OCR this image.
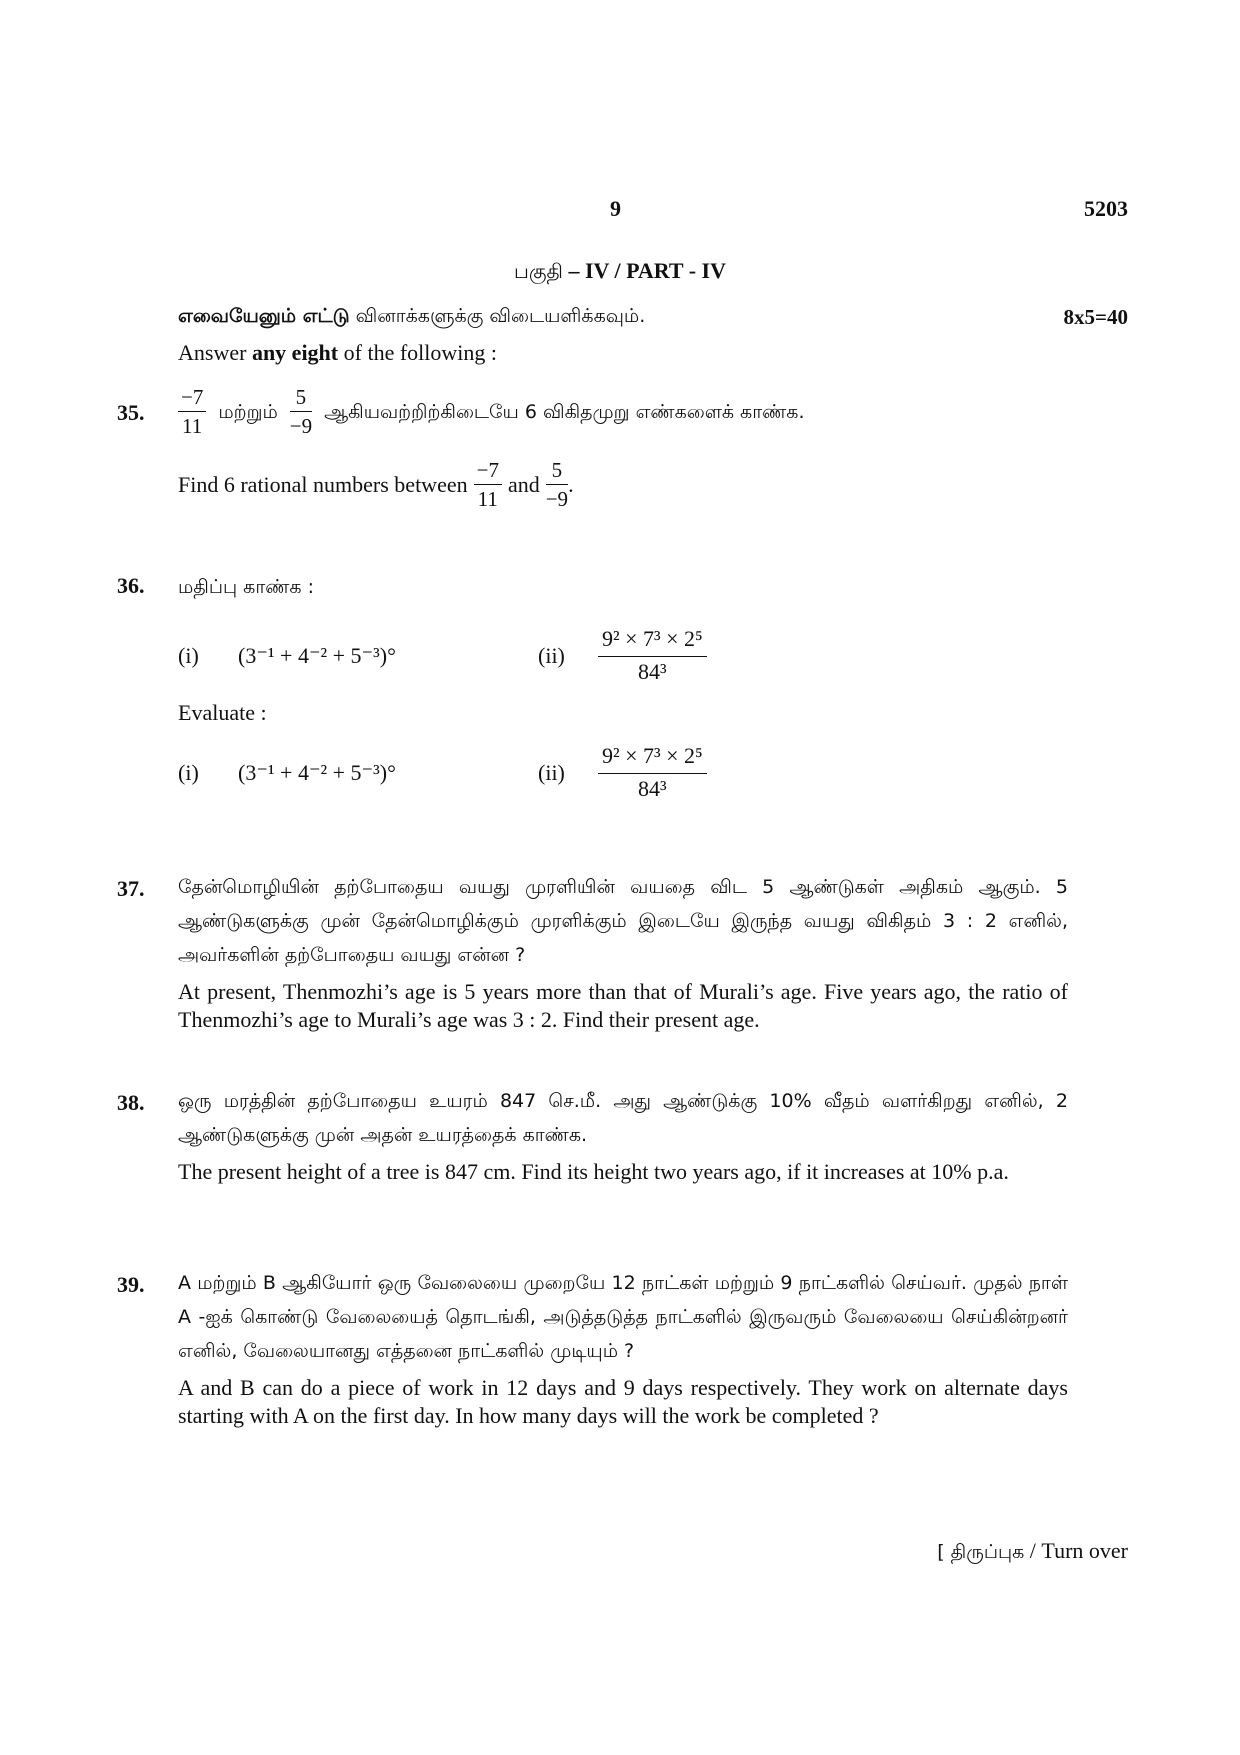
9	5203
பகுதி – IV / PART - IV
எவையேனும் எட்டு வினாக்களுக்கு விடையளிக்கவும்.	8x5=40
Answer any eight of the following :
35. $\frac{-7}{11}$ மற்றும் $\frac{5}{-9}$ ஆகியவற்றிற்கிடையே 6 விகிதமுறு எண்களைக் காண்க.
Find 6 rational numbers between $\frac{-7}{11}$ and $\frac{5}{-9}$ .
36. மதிப்பு காண்க :
(i)	(3⁻¹ + 4⁻² + 5⁻³)°	(ii)	$\frac{\text{9² × 7³ × 2⁵}}{\text{84³}}$
Evaluate :
(i)	(3⁻¹ + 4⁻² + 5⁻³)°	(ii)	$\frac{\text{9² × 7³ × 2⁵}}{\text{84³}}$
37. தேன்மொழியின் தற்போதைய வயது முரளியின் வயதை விட 5 ஆண்டுகள் அதிகம் ஆகும். 5 ஆண்டுகளுக்கு முன் தேன்மொழிக்கும் முரளிக்கும் இடையே இருந்த வயது விகிதம் 3 : 2 எனில், அவர்களின் தற்போதைய வயது என்ன ?
At present, Thenmozhi’s age is 5 years more than that of Murali’s age. Five years ago, the ratio of Thenmozhi’s age to Murali’s age was 3 : 2. Find their present age.
38. ஒரு மரத்தின் தற்போதைய உயரம் 847 செ.மீ. அது ஆண்டுக்கு 10% வீதம் வளர்கிறது எனில், 2 ஆண்டுகளுக்கு முன் அதன் உயரத்தைக் காண்க.
The present height of a tree is 847 cm. Find its height two years ago, if it increases at 10% p.a.
39. A மற்றும் B ஆகியோர் ஒரு வேலையை முறையே 12 நாட்கள் மற்றும் 9 நாட்களில் செய்வர். முதல் நாள் A -ஐக் கொண்டு வேலையைத் தொடங்கி, அடுத்தடுத்த நாட்களில் இருவரும் வேலையை செய்கின்றனர் எனில், வேலையானது எத்தனை நாட்களில் முடியும் ?
A and B can do a piece of work in 12 days and 9 days respectively. They work on alternate days starting with A on the first day. In how many days will the work be completed ?
[ திருப்புக / Turn over
